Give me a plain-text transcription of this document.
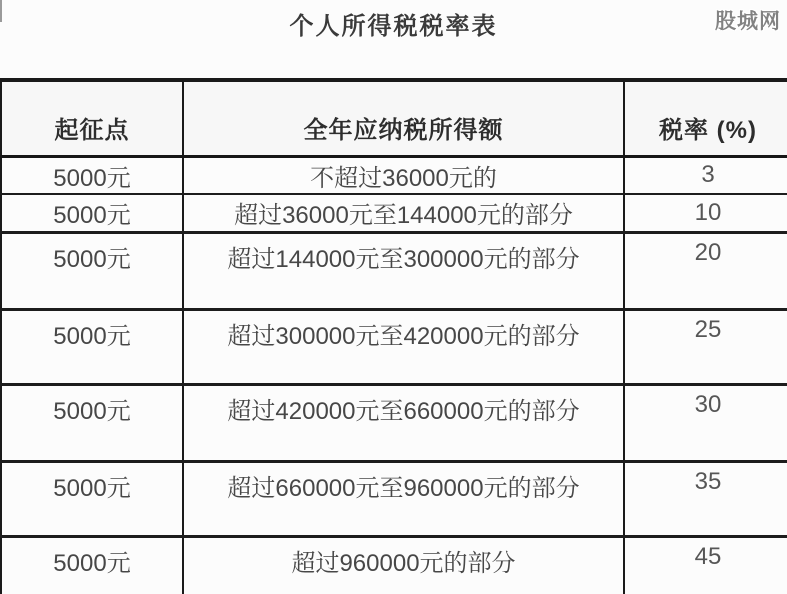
个人所得税税率表	股城网
起征点	全年应纳税所得额	税率 (%)
5000元	不超过36000元的	3
5000元	超过36000元至144000元的部分	10
5000元	超过144000元至300000元的部分	20
5000元	超过300000元至420000元的部分	25
5000元	超过420000元至660000元的部分	30
5000元	超过660000元至960000元的部分	35
5000元	超过960000元的部分	45
